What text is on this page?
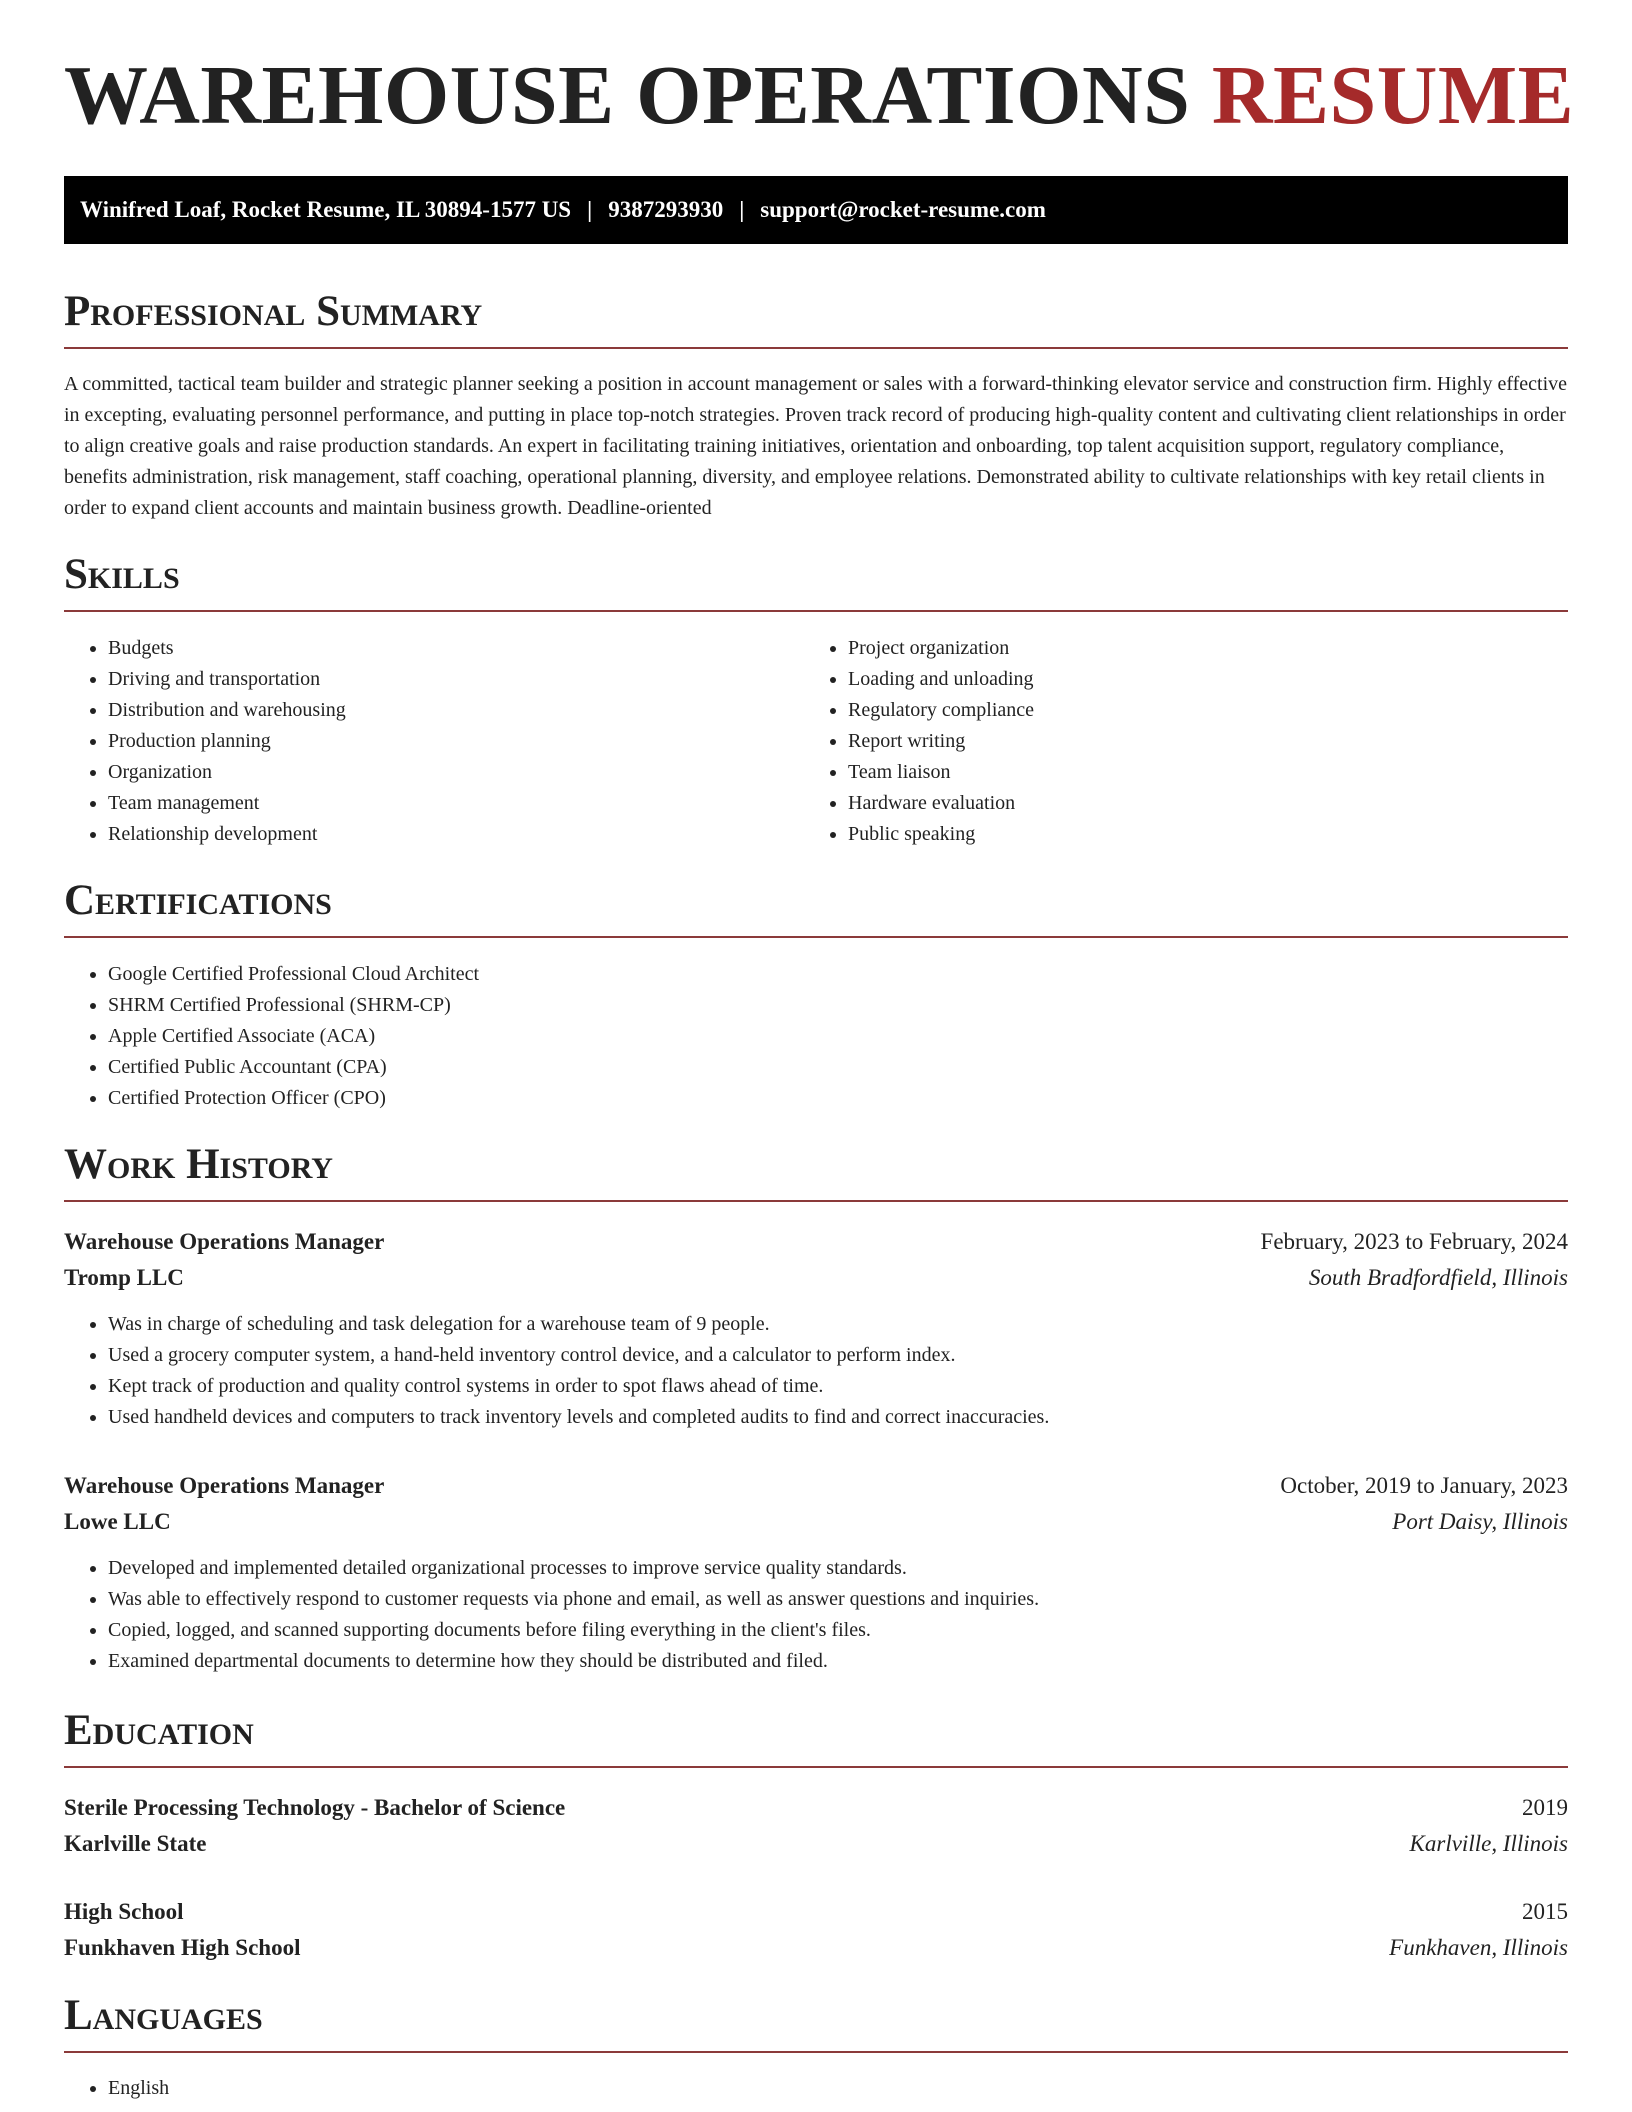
WAREHOUSE OPERATIONS RESUME
Winifred Loaf, Rocket Resume, IL 30894-1577 US | 9387293930 | support@rocket-resume.com
Professional Summary

A committed, tactical team builder and strategic planner seeking a position in account management or sales with a forward-thinking elevator service and construction firm. Highly effective in excepting, evaluating personnel performance, and putting in place top-notch strategies. Proven track record of producing high-quality content and cultivating client relationships in order to align creative goals and raise production standards. An expert in facilitating training initiatives, orientation and onboarding, top talent acquisition support, regulatory compliance, benefits administration, risk management, staff coaching, operational planning, diversity, and employee relations. Demonstrated ability to cultivate relationships with key retail clients in order to expand client accounts and maintain business growth. Deadline-oriented

Skills
• Budgets
• Driving and transportation
• Distribution and warehousing
• Production planning
• Organization
• Team management
• Relationship development
• Project organization
• Loading and unloading
• Regulatory compliance
• Report writing
• Team liaison
• Hardware evaluation
• Public speaking
Certifications
• Google Certified Professional Cloud Architect
• SHRM Certified Professional (SHRM-CP)
• Apple Certified Associate (ACA)
• Certified Public Accountant (CPA)
• Certified Protection Officer (CPO)
Work History
Warehouse Operations Manager	February, 2023 to February, 2024
Tromp LLC	South Bradfordfield, Illinois
• Was in charge of scheduling and task delegation for a warehouse team of 9 people.
• Used a grocery computer system, a hand-held inventory control device, and a calculator to perform index.
• Kept track of production and quality control systems in order to spot flaws ahead of time.
• Used handheld devices and computers to track inventory levels and completed audits to find and correct inaccuracies.
Warehouse Operations Manager	October, 2019 to January, 2023
Lowe LLC	Port Daisy, Illinois
• Developed and implemented detailed organizational processes to improve service quality standards.
• Was able to effectively respond to customer requests via phone and email, as well as answer questions and inquiries.
• Copied, logged, and scanned supporting documents before filing everything in the client's files.
• Examined departmental documents to determine how they should be distributed and filed.
Education
Sterile Processing Technology - Bachelor of Science	2019
Karlville State	Karlville, Illinois
High School	2015
Funkhaven High School	Funkhaven, Illinois
Languages
• English
